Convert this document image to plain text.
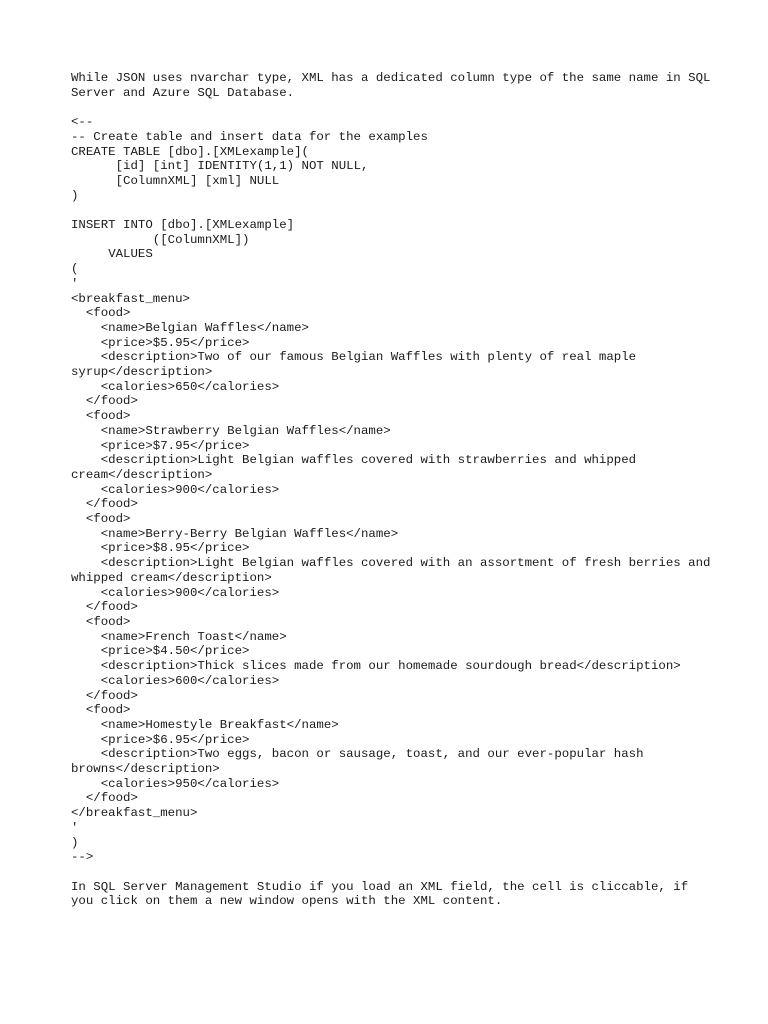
While JSON uses nvarchar type, XML has a dedicated column type of the same name in SQL Server and Azure SQL Database.

<--
-- Create table and insert data for the examples
CREATE TABLE [dbo].[XMLexample](
[id] [int] IDENTITY(1,1) NOT NULL,
[ColumnXML] [xml] NULL
)
INSERT INTO [dbo].[XMLexample]
([ColumnXML])
VALUES
(
'
<breakfast_menu>
<food>
<name>Belgian Waffles</name>
<price>$5.95</price>
<description>Two of our famous Belgian Waffles with plenty of real maple syrup</description>
<calories>650</calories>
</food>
<food>
<name>Strawberry Belgian Waffles</name>
<price>$7.95</price>
<description>Light Belgian waffles covered with strawberries and whipped cream</description>
<calories>900</calories>
</food>
<food>
<name>Berry-Berry Belgian Waffles</name>
<price>$8.95</price>
<description>Light Belgian waffles covered with an assortment of fresh berries and whipped cream</description>
<calories>900</calories>
</food>
<food>
<name>French Toast</name>
<price>$4.50</price>
<description>Thick slices made from our homemade sourdough bread</description>
<calories>600</calories>
</food>
<food>
<name>Homestyle Breakfast</name>
<price>$6.95</price>
<description>Two eggs, bacon or sausage, toast, and our ever-popular hash browns</description>
<calories>950</calories>
</food>
</breakfast_menu>
'
)
-->

In SQL Server Management Studio if you load an XML field, the cell is cliccable, if you click on them a new window opens with the XML content.
